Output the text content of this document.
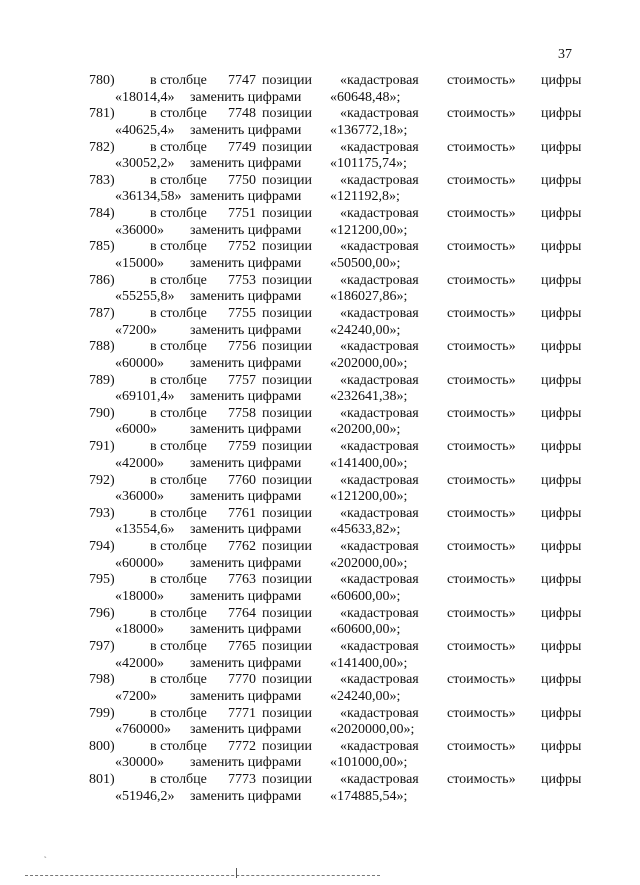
37
780)	в столбце 7747 позиции «кадастровая стоимость» цифры
«18014,4» заменить цифрами «60648,48»;
781)	в столбце 7748 позиции «кадастровая стоимость» цифры
«40625,4» заменить цифрами «136772,18»;
782)	в столбце 7749 позиции «кадастровая стоимость» цифры
«30052,2» заменить цифрами «101175,74»;
783)	в столбце 7750 позиции «кадастровая стоимость» цифры
«36134,58» заменить цифрами «121192,8»;
784)	в столбце 7751 позиции «кадастровая стоимость» цифры
«36000» заменить цифрами «121200,00»;
785)	в столбце 7752 позиции «кадастровая стоимость» цифры
«15000» заменить цифрами «50500,00»;
786)	в столбце 7753 позиции «кадастровая стоимость» цифры
«55255,8» заменить цифрами «186027,86»;
787)	в столбце 7755 позиции «кадастровая стоимость» цифры
«7200» заменить цифрами «24240,00»;
788)	в столбце 7756 позиции «кадастровая стоимость» цифры
«60000» заменить цифрами «202000,00»;
789)	в столбце 7757 позиции «кадастровая стоимость» цифры
«69101,4» заменить цифрами «232641,38»;
790)	в столбце 7758 позиции «кадастровая стоимость» цифры
«6000» заменить цифрами «20200,00»;
791)	в столбце 7759 позиции «кадастровая стоимость» цифры
«42000» заменить цифрами «141400,00»;
792)	в столбце 7760 позиции «кадастровая стоимость» цифры
«36000» заменить цифрами «121200,00»;
793)	в столбце 7761 позиции «кадастровая стоимость» цифры
«13554,6» заменить цифрами «45633,82»;
794)	в столбце 7762 позиции «кадастровая стоимость» цифры
«60000» заменить цифрами «202000,00»;
795)	в столбце 7763 позиции «кадастровая стоимость» цифры
«18000» заменить цифрами «60600,00»;
796)	в столбце 7764 позиции «кадастровая стоимость» цифры
«18000» заменить цифрами «60600,00»;
797)	в столбце 7765 позиции «кадастровая стоимость» цифры
«42000» заменить цифрами «141400,00»;
798)	в столбце 7770 позиции «кадастровая стоимость» цифры
«7200» заменить цифрами «24240,00»;
799)	в столбце 7771 позиции «кадастровая стоимость» цифры
«760000» заменить цифрами «2020000,00»;
800)	в столбце 7772 позиции «кадастровая стоимость» цифры
«30000» заменить цифрами «101000,00»;
801)	в столбце 7773 позиции «кадастровая стоимость» цифры
«51946,2» заменить цифрами «174885,54»;
˛
